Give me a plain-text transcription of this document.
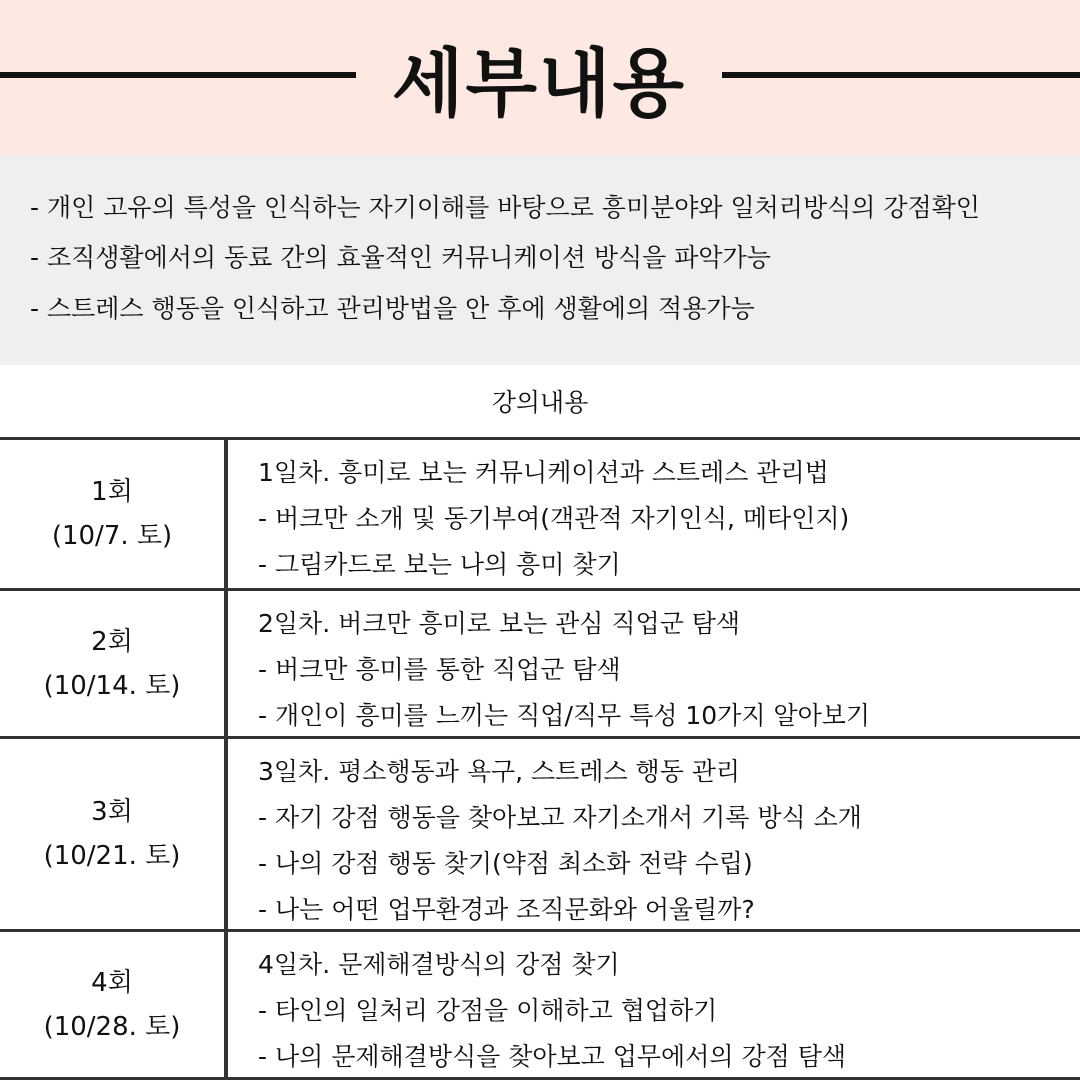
세부내용
- 개인 고유의 특성을 인식하는 자기이해를 바탕으로 흥미분야와 일처리방식의 강점확인
- 조직생활에서의 동료 간의 효율적인 커뮤니케이션 방식을 파악가능
- 스트레스 행동을 인식하고 관리방법을 안 후에 생활에의 적용가능
강의내용
1회
(10/7. 토)
1일차. 흥미로 보는 커뮤니케이션과 스트레스 관리법
- 버크만 소개 및 동기부여(객관적 자기인식, 메타인지)
- 그림카드로 보는 나의 흥미 찾기
2회
(10/14. 토)
2일차. 버크만 흥미로 보는 관심 직업군 탐색
- 버크만 흥미를 통한 직업군 탐색
- 개인이 흥미를 느끼는 직업/직무 특성 10가지 알아보기
3회
(10/21. 토)
3일차. 평소행동과 욕구, 스트레스 행동 관리
- 자기 강점 행동을 찾아보고 자기소개서 기록 방식 소개
- 나의 강점 행동 찾기(약점 최소화 전략 수립)
- 나는 어떤 업무환경과 조직문화와 어울릴까?
4회
(10/28. 토)
4일차. 문제해결방식의 강점 찾기
- 타인의 일처리 강점을 이해하고 협업하기
- 나의 문제해결방식을 찾아보고 업무에서의 강점 탐색
